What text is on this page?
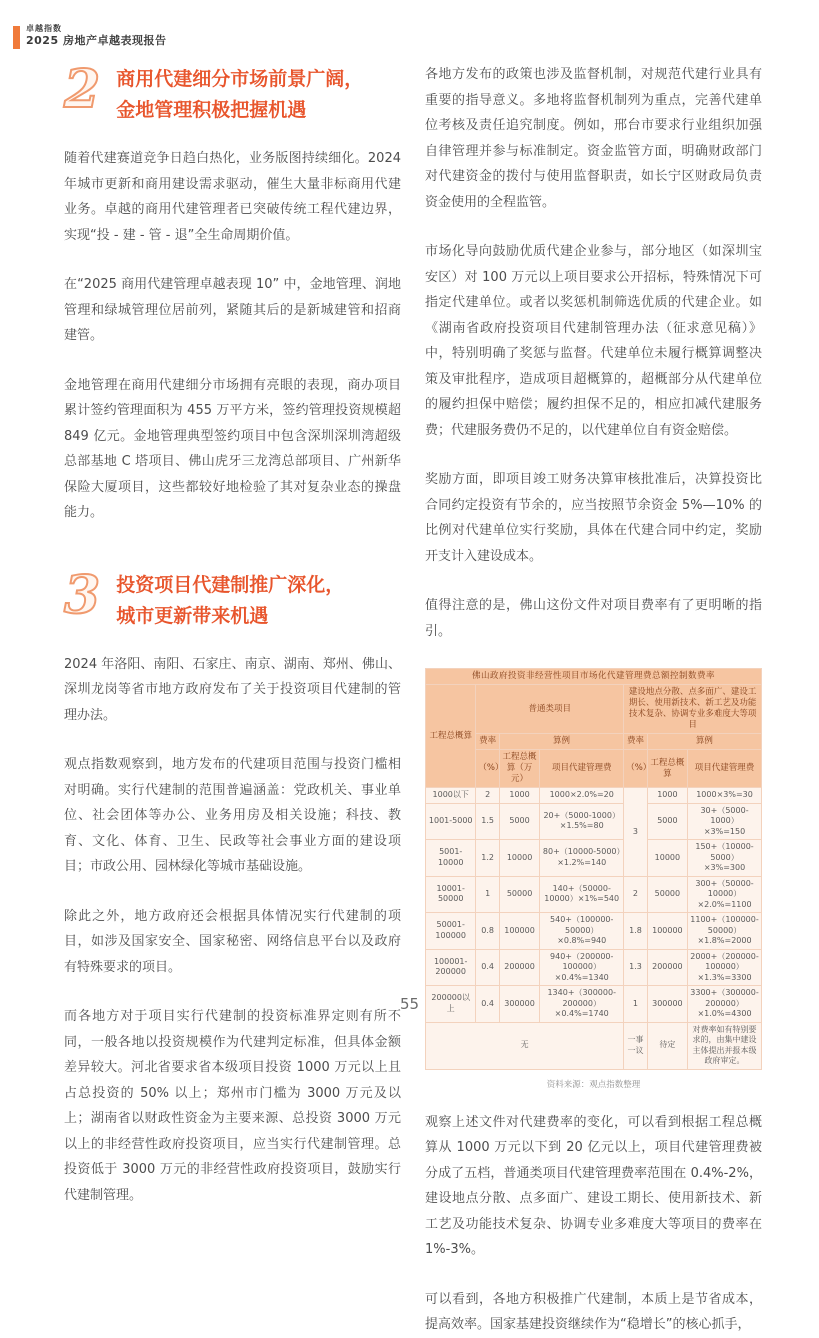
卓越指数
2025 房地产卓越表现报告
2 商用代建细分市场前景广阔，
金地管理积极把握机遇

随着代建赛道竞争日趋白热化，业务版图持续细化。2024 年城市更新和商用建设需求驱动，催生大量非标商用代建业务。卓越的商用代建管理者已突破传统工程代建边界，实现“投 - 建 - 管 - 退”全生命周期价值。

在“2025 商用代建管理卓越表现 10” 中，金地管理、润地管理和绿城管理位居前列，紧随其后的是新城建管和招商建管。

金地管理在商用代建细分市场拥有亮眼的表现，商办项目累计签约管理面积为 455 万平方米，签约管理投资规模超 849 亿元。金地管理典型签约项目中包含深圳深圳湾超级总部基地 C 塔项目、佛山虎牙三龙湾总部项目、广州新华保险大厦项目，这些都较好地检验了其对复杂业态的操盘能力。

3 投资项目代建制推广深化，
城市更新带来机遇

2024 年洛阳、南阳、石家庄、南京、湖南、郑州、佛山、深圳龙岗等省市地方政府发布了关于投资项目代建制的管理办法。

观点指数观察到，地方发布的代建项目范围与投资门槛相对明确。实行代建制的范围普遍涵盖：党政机关、事业单位、社会团体等办公、业务用房及相关设施；科技、教育、文化、体育、卫生、民政等社会事业方面的建设项目；市政公用、园林绿化等城市基础设施。

除此之外，地方政府还会根据具体情况实行代建制的项目，如涉及国家安全、国家秘密、网络信息平台以及政府有特殊要求的项目。

而各地方对于项目实行代建制的投资标准界定则有所不同，一般各地以投资规模作为代建判定标准，但具体金额差异较大。河北省要求省本级项目投资 1000 万元以上且占总投资的 50% 以上；郑州市门槛为 3000 万元及以上；湖南省以财政性资金为主要来源、总投资 3000 万元以上的非经营性政府投资项目，应当实行代建制管理。总投资低于 3000 万元的非经营性政府投资项目，鼓励实行代建制管理。

各地方发布的政策也涉及监督机制，对规范代建行业具有重要的指导意义。多地将监督机制列为重点，完善代建单位考核及责任追究制度。例如，邢台市要求行业组织加强自律管理并参与标准制定。资金监管方面，明确财政部门对代建资金的拨付与使用监督职责，如长宁区财政局负责资金使用的全程监管。

市场化导向鼓励优质代建企业参与，部分地区（如深圳宝安区）对 100 万元以上项目要求公开招标，特殊情况下可指定代建单位。或者以奖惩机制筛选优质的代建企业。如《湖南省政府投资项目代建制管理办法（征求意见稿）》中，特别明确了奖惩与监督。代建单位未履行概算调整决策及审批程序，造成项目超概算的，超概部分从代建单位的履约担保中赔偿；履约担保不足的，相应扣减代建服务费；代建服务费仍不足的，以代建单位自有资金赔偿。

奖励方面，即项目竣工财务决算审核批准后，决算投资比合同约定投资有节余的，应当按照节余资金 5%—10% 的比例对代建单位实行奖励，具体在代建合同中约定，奖励开支计入建设成本。

值得注意的是，佛山这份文件对项目费率有了更明晰的指引。

佛山政府投资非经营性项目市场化代建管理费总额控制数费率						
工程总概算	普通类项目			建设地点分散、点多面广、建设工期长、使用新技术、新工艺及功能技术复杂、协调专业多难度大等项目		
	费率	算例		费率	算例	
	（%）	工程总概算（万元）	项目代建管理费	（%）	工程总概算	项目代建管理费
1000以下	2	1000	1000×2.0%=20	3	1000	1000×3%=30
1001-5000	1.5	5000	20+（5000-1000）×1.5%=80		5000	30+（5000-1000）×3%=150
5001-10000	1.2	10000	80+（10000-5000）×1.2%=140		10000	150+（10000-5000）×3%=300
10001-50000	1	50000	140+（50000-10000）×1%=540	2	50000	300+（50000-10000）×2.0%=1100
50001-100000	0.8	100000	540+（100000-50000）×0.8%=940	1.8	100000	1100+（100000-50000）×1.8%=2000
100001-200000	0.4	200000	940+（200000-100000）×0.4%=1340	1.3	200000	2000+（200000-100000）×1.3%=3300
200000以上	0.4	300000	1340+（300000-200000）×0.4%=1740	1	300000	3300+（300000-200000）×1.0%=4300
无				一事一议	待定	对费率如有特别要求的，由集中建设主体提出并报本级政府审定。
资料来源：观点指数整理

观察上述文件对代建费率的变化，可以看到根据工程总概算从 1000 万元以下到 20 亿元以上，项目代建管理费被分成了五档，普通类项目代建管理费率范围在 0.4%-2%，建设地点分散、点多面广、建设工期长、使用新技术、新工艺及功能技术复杂、协调专业多难度大等项目的费率在 1%-3%。

可以看到，各地方积极推广代建制，本质上是节省成本，提高效率。国家基建投资继续作为“稳增长”的核心抓手，

55
